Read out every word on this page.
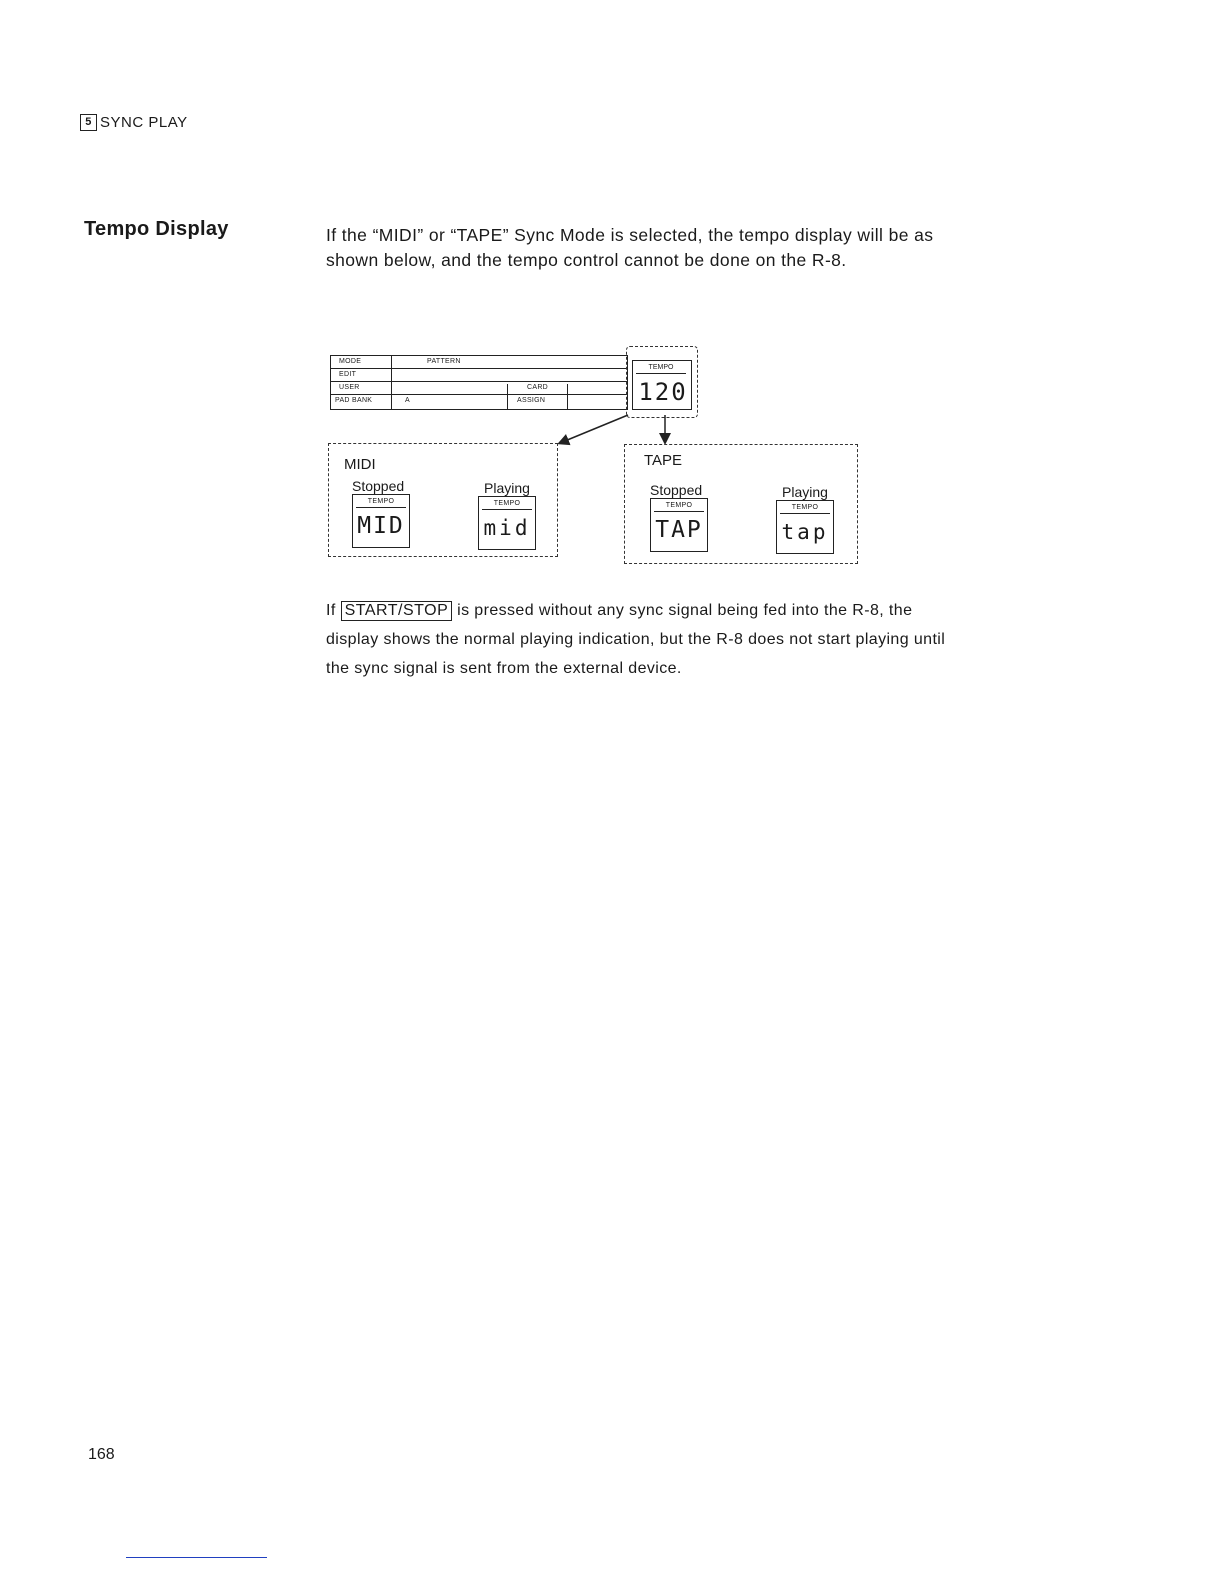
5 SYNC PLAY
Tempo Display	If the “MIDI” or “TAPE” Sync Mode is selected, the tempo display will be as shown below, and the tempo control cannot be done on the R-8.
MODE	PATTERN
EDIT
USER	CARD
PAD BANK	A	ASSIGN
TEMPO
120
MIDI
Stopped	Playing
TEMPO
MID
TEMPO
mid
TAPE
Stopped	Playing
TEMPO
TAP
TEMPO
tap
If START/STOP is pressed without any sync signal being fed into the R-8, the display shows the normal playing indication, but the R-8 does not start playing until the sync signal is sent from the external device.
168
